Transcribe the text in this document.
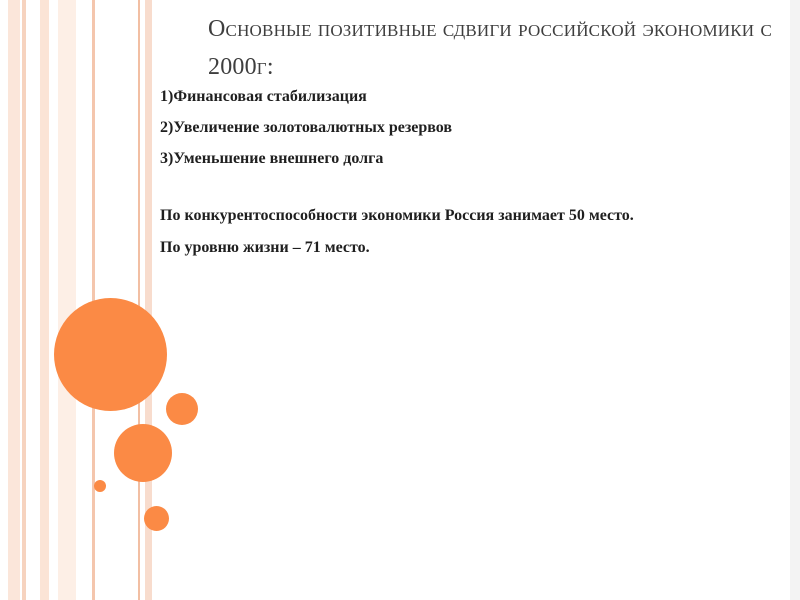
Основные позитивные сдвиги российской экономики с 2000г:
1)Финансовая стабилизация
2)Увеличение золотовалютных резервов
3)Уменьшение внешнего долга
По конкурентоспособности экономики Россия занимает 50 место.
По уровню жизни – 71 место.
